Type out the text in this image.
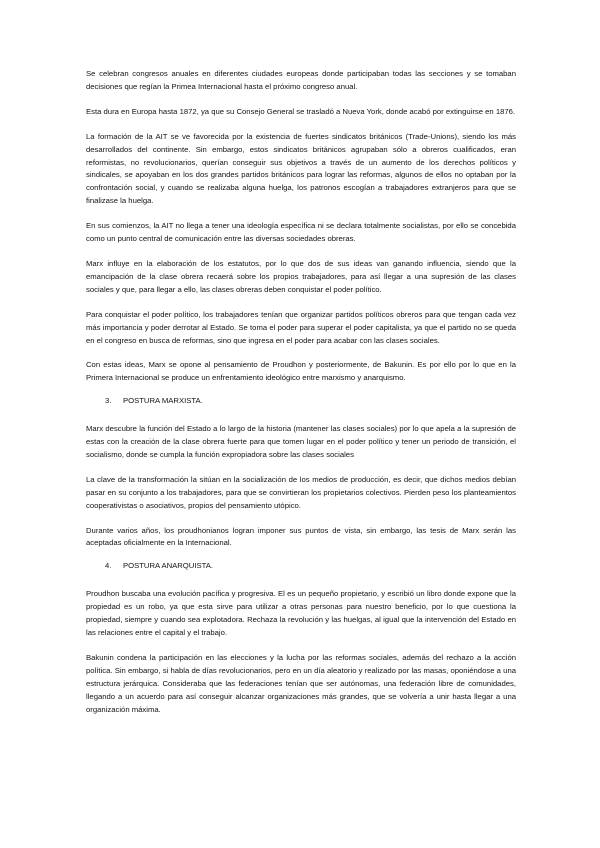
Se celebran congresos anuales en diferentes ciudades europeas donde participaban todas las secciones y se tomaban decisiones que regían la Primea Internacional hasta el próximo congreso anual.

Esta dura en Europa hasta 1872, ya que su Consejo General se trasladó a Nueva York, donde acabó por extinguirse en 1876.

La formación de la AIT se ve favorecida por la existencia de fuertes sindicatos británicos (Trade-Unions), siendo los más desarrollados del continente. Sin embargo, estos sindicatos británicos agrupaban sólo a obreros cualificados, eran reformistas, no revolucionarios, querían conseguir sus objetivos a través de un aumento de los derechos políticos y sindicales, se apoyaban en los dos grandes partidos británicos para lograr las reformas, algunos de ellos no optaban por la confrontación social, y cuando se realizaba alguna huelga, los patronos escogían a trabajadores extranjeros para que se finalizase la huelga.

En sus comienzos, la AIT no llega a tener una ideología específica ni se declara totalmente socialistas, por ello se concebida como un punto central de comunicación entre las diversas sociedades obreras.

Marx influye en la elaboración de los estatutos, por lo que dos de sus ideas van ganando influencia, siendo que la emancipación de la clase obrera recaerá sobre los propios trabajadores, para así llegar a una supresión de las clases sociales y que, para llegar a ello, las clases obreras deben conquistar el poder político.

Para conquistar el poder político, los trabajadores tenían que organizar partidos políticos obreros para que tengan cada vez más importancia y poder derrotar al Estado. Se toma el poder para superar el poder capitalista, ya que el partido no se queda en el congreso en busca de reformas, sino que ingresa en el poder para acabar con las clases sociales.

Con estas ideas, Marx se opone al pensamiento de Proudhon y posteriormente, de Bakunin. Es por ello por lo que en la Primera Internacional se produce un enfrentamiento ideológico entre marxismo y anarquismo.

3. POSTURA MARXISTA.

Marx descubre la función del Estado a lo largo de la historia (mantener las clases sociales) por lo que apela a la supresión de estas con la creación de la clase obrera fuerte para que tomen lugar en el poder político y tener un periodo de transición, el socialismo, donde se cumpla la función expropiadora sobre las clases sociales

La clave de la transformación la sitúan en la socialización de los medios de producción, es decir, que dichos medios debían pasar en su conjunto a los trabajadores, para que se convirtieran los propietarios colectivos. Pierden peso los planteamientos cooperativistas o asociativos, propios del pensamiento utópico.

Durante varios años, los proudhonianos logran imponer sus puntos de vista, sin embargo, las tesis de Marx serán las aceptadas oficialmente en la Internacional.

4. POSTURA ANARQUISTA.

Proudhon buscaba una evolución pacífica y progresiva. El es un pequeño propietario, y escribió un libro donde expone que la propiedad es un robo, ya que esta sirve para utilizar a otras personas para nuestro beneficio, por lo que cuestiona la propiedad, siempre y cuando sea explotadora. Rechaza la revolución y las huelgas, al igual que la intervención del Estado en las relaciones entre el capital y el trabajo.

Bakunin condena la participación en las elecciones y la lucha por las reformas sociales, además del rechazo a la acción política. Sin embargo, si habla de días revolucionarios, pero en un día aleatorio y realizado por las masas, oponiéndose a una estructura jerárquica. Consideraba que las federaciones tenían que ser autónomas, una federación libre de comunidades, llegando a un acuerdo para así conseguir alcanzar organizaciones más grandes, que se volvería a unir hasta llegar a una organización máxima.
